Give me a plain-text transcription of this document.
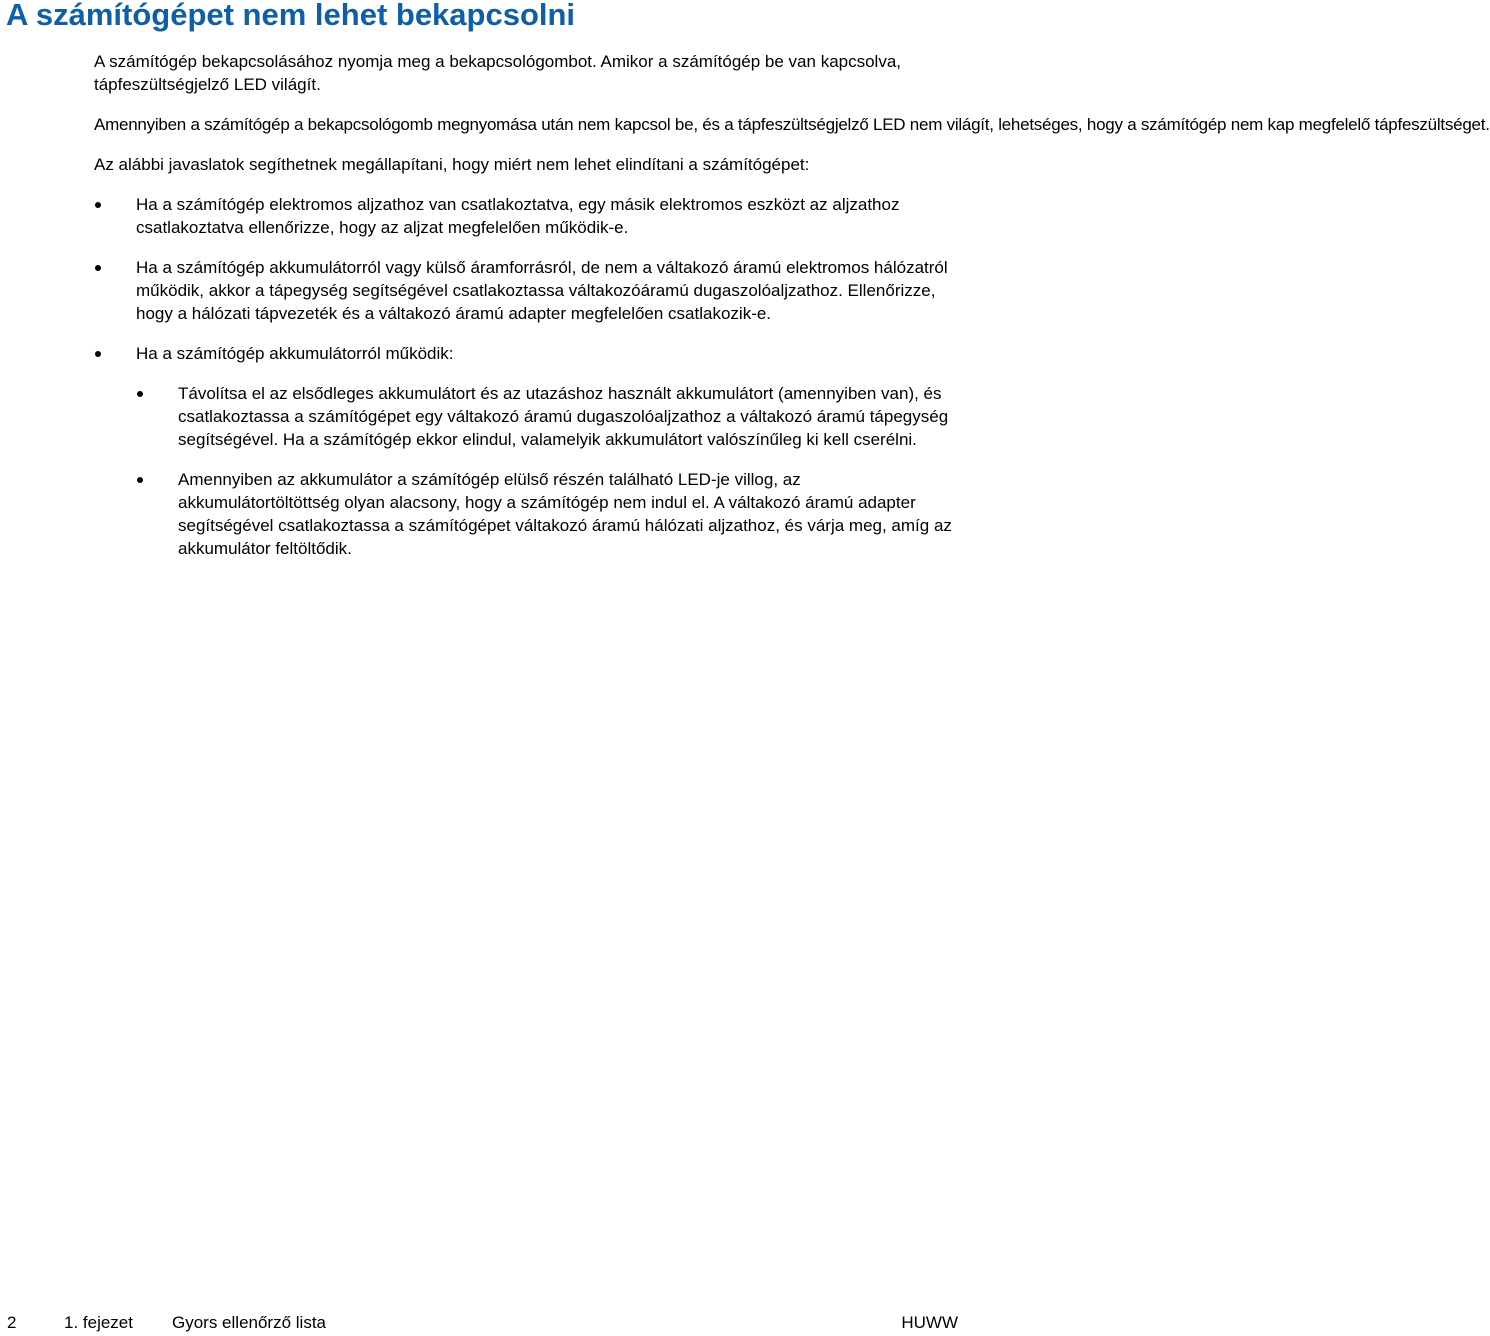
A számítógépet nem lehet bekapcsolni

A számítógép bekapcsolásához nyomja meg a bekapcsológombot. Amikor a számítógép be van kapcsolva, tápfeszültségjelző LED világít.

Amennyiben a számítógép a bekapcsológomb megnyomása után nem kapcsol be, és a tápfeszültségjelző LED nem világít, lehetséges, hogy a számítógép nem kap megfelelő tápfeszültséget.

Az alábbi javaslatok segíthetnek megállapítani, hogy miért nem lehet elindítani a számítógépet:

Ha a számítógép elektromos aljzathoz van csatlakoztatva, egy másik elektromos eszközt az aljzathoz csatlakoztatva ellenőrizze, hogy az aljzat megfelelően működik-e.
Ha a számítógép akkumulátorról vagy külső áramforrásról, de nem a váltakozó áramú elektromos hálózatról működik, akkor a tápegység segítségével csatlakoztassa váltakozóáramú dugaszolóaljzathoz. Ellenőrizze, hogy a hálózati tápvezeték és a váltakozó áramú adapter megfelelően csatlakozik-e.
Ha a számítógép akkumulátorról működik:
Távolítsa el az elsődleges akkumulátort és az utazáshoz használt akkumulátort (amennyiben van), és csatlakoztassa a számítógépet egy váltakozó áramú dugaszolóaljzathoz a váltakozó áramú tápegység segítségével. Ha a számítógép ekkor elindul, valamelyik akkumulátort valószínűleg ki kell cserélni.
Amennyiben az akkumulátor a számítógép elülső részén található LED-je villog, az akkumulátortöltöttség olyan alacsony, hogy a számítógép nem indul el. A váltakozó áramú adapter segítségével csatlakoztassa a számítógépet váltakozó áramú hálózati aljzathoz, és várja meg, amíg az akkumulátor feltöltődik.
2	1. fejezet Gyors ellenőrző lista	HUWW
